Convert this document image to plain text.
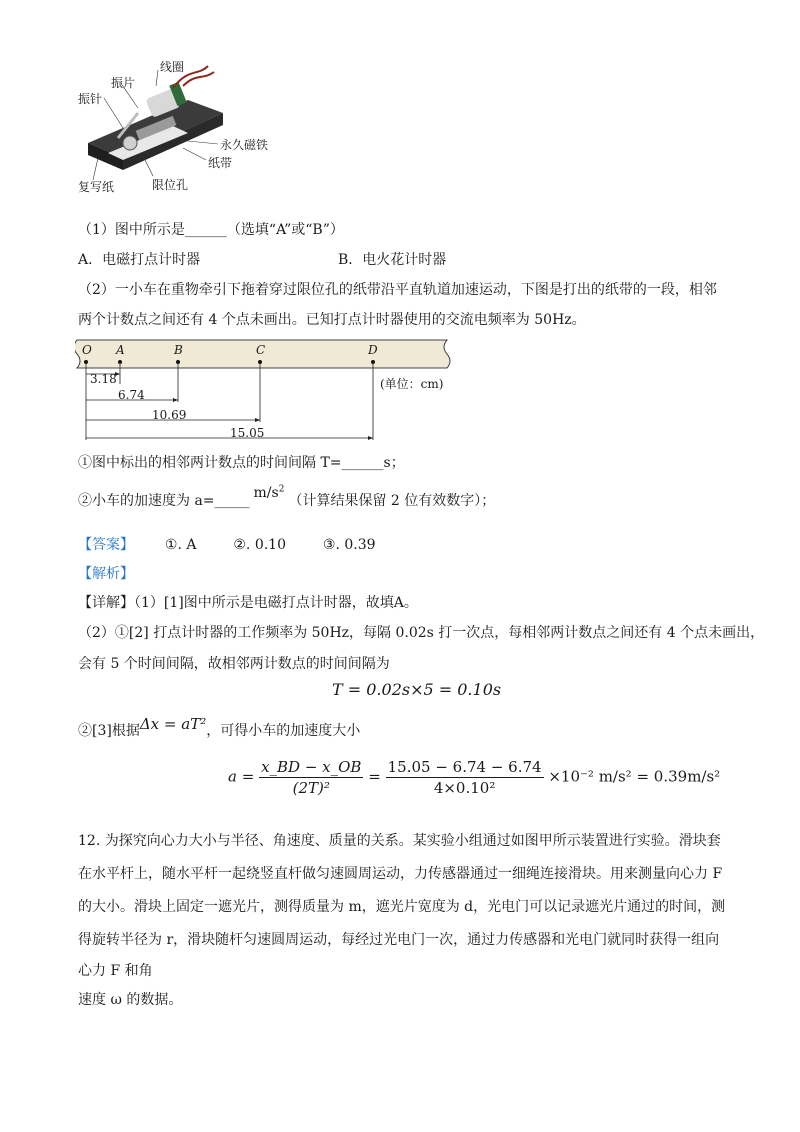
线圈
振片
振针
永久磁铁
纸带
复写纸	限位孔
（1）图中所示是______（选填“A”或“B”）
A．电磁打点计时器	B．电火花计时器
（2）一小车在重物牵引下拖着穿过限位孔的纸带沿平直轨道加速运动，下图是打出的纸带的一段，相邻
两个计数点之间还有 4 个点未画出。已知打点计时器使用的交流电频率为 50Hz。
O A	B	C	D
3.18
6.74
10.69
15.05
(单位：cm)
①图中标出的相邻两计数点的时间间隔 T=______s；
②小车的加速度为 a=_____ $m/s^2$（计算结果保留 2 位有效数字）；
【答案】 ①. A	②. 0.10	③. 0.39
【解析】
【详解】（1）[1]图中所示是电磁打点计时器，故填A。
（2）①[2] 打点计时器的工作频率为 50Hz，每隔 0.02s 打一次点，每相邻两计数点之间还有 4 个点未画出，
会有 5 个时间间隔，故相邻两计数点的时间间隔为
T = 0.02s×5 = 0.10s
②[3]根据Δx = aT²，可得小车的加速度大小
$a = \frac{x\_BD - x\_OB}{\text{(2T)²}} = \frac{15.05 - 6.74 - 6.74}{\text{4×0.10²}} \times 10^{-2}$ m/s² = 0.39m/s²
12. 为探究向心力大小与半径、角速度、质量的关系。某实验小组通过如图甲所示装置进行实验。滑块套
在水平杆上，随水平杆一起绕竖直杆做匀速圆周运动，力传感器通过一细绳连接滑块。用来测量向心力 F
的大小。滑块上固定一遮光片，测得质量为 m，遮光片宽度为 d，光电门可以记录遮光片通过的时间，测
得旋转半径为 r，滑块随杆匀速圆周运动，每经过光电门一次，通过力传感器和光电门就同时获得一组向
心力 F 和角
速度 ω 的数据。
